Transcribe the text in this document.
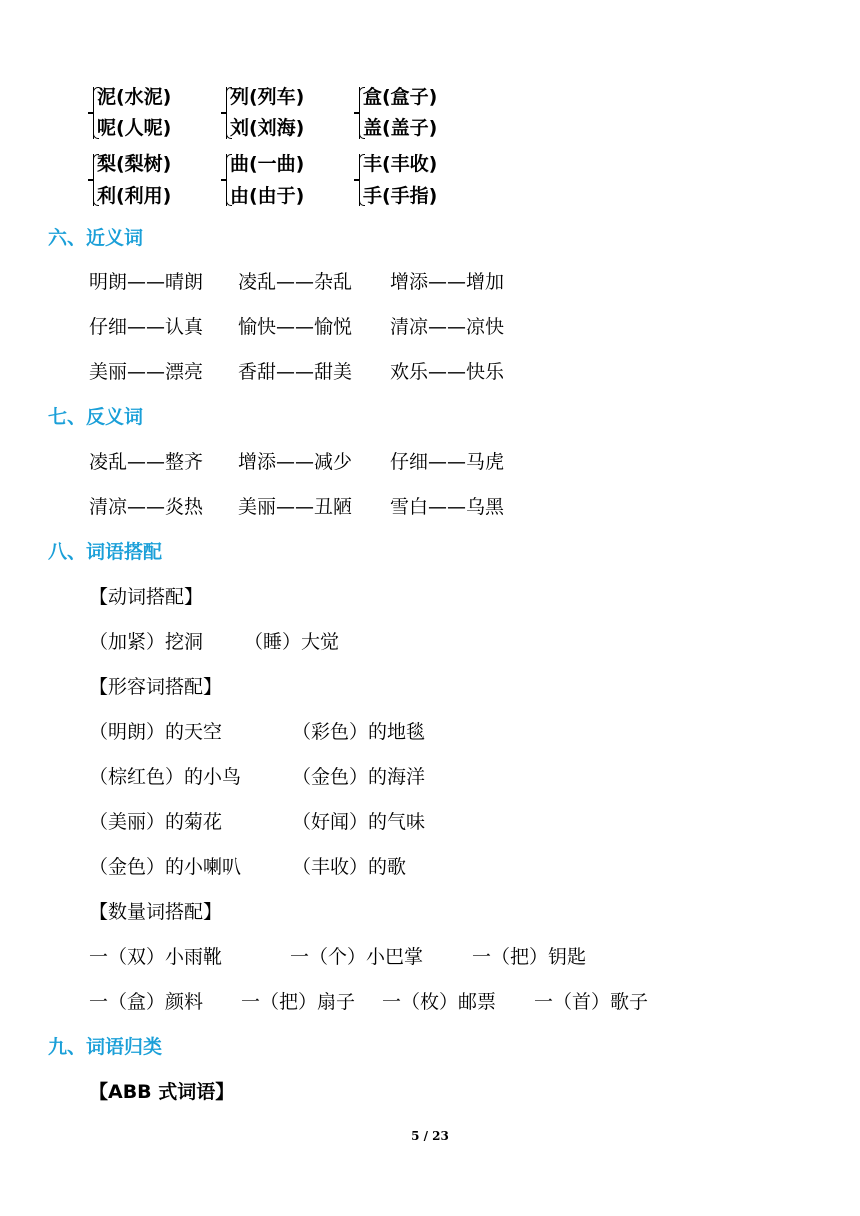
泥(水泥)
呢(人呢)
列(列车)
刘(刘海)
盒(盒子)
盖(盖子)
梨(梨树)
利(利用)
曲(一曲)
由(由于)
丰(丰收)
手(手指)
六、近义词
明朗——晴朗 凌乱——杂乱 增添——增加
仔细——认真 愉快——愉悦 清凉——凉快
美丽——漂亮 香甜——甜美 欢乐——快乐
七、反义词
凌乱——整齐 增添——减少 仔细——马虎
清凉——炎热 美丽——丑陋 雪白——乌黑
八、词语搭配
【动词搭配】
（加紧）挖洞 （睡）大觉
【形容词搭配】
（明朗）的天空	（彩色）的地毯
（棕红色）的小鸟	（金色）的海洋
（美丽）的菊花	（好闻）的气味
（金色）的小喇叭	（丰收）的歌
【数量词搭配】
一（双）小雨靴	一（个）小巴掌	一（把）钥匙
一（盒）颜料 一（把）扇子 一（枚）邮票 一（首）歌子
九、词语归类
【ABB 式词语】
5 / 23
